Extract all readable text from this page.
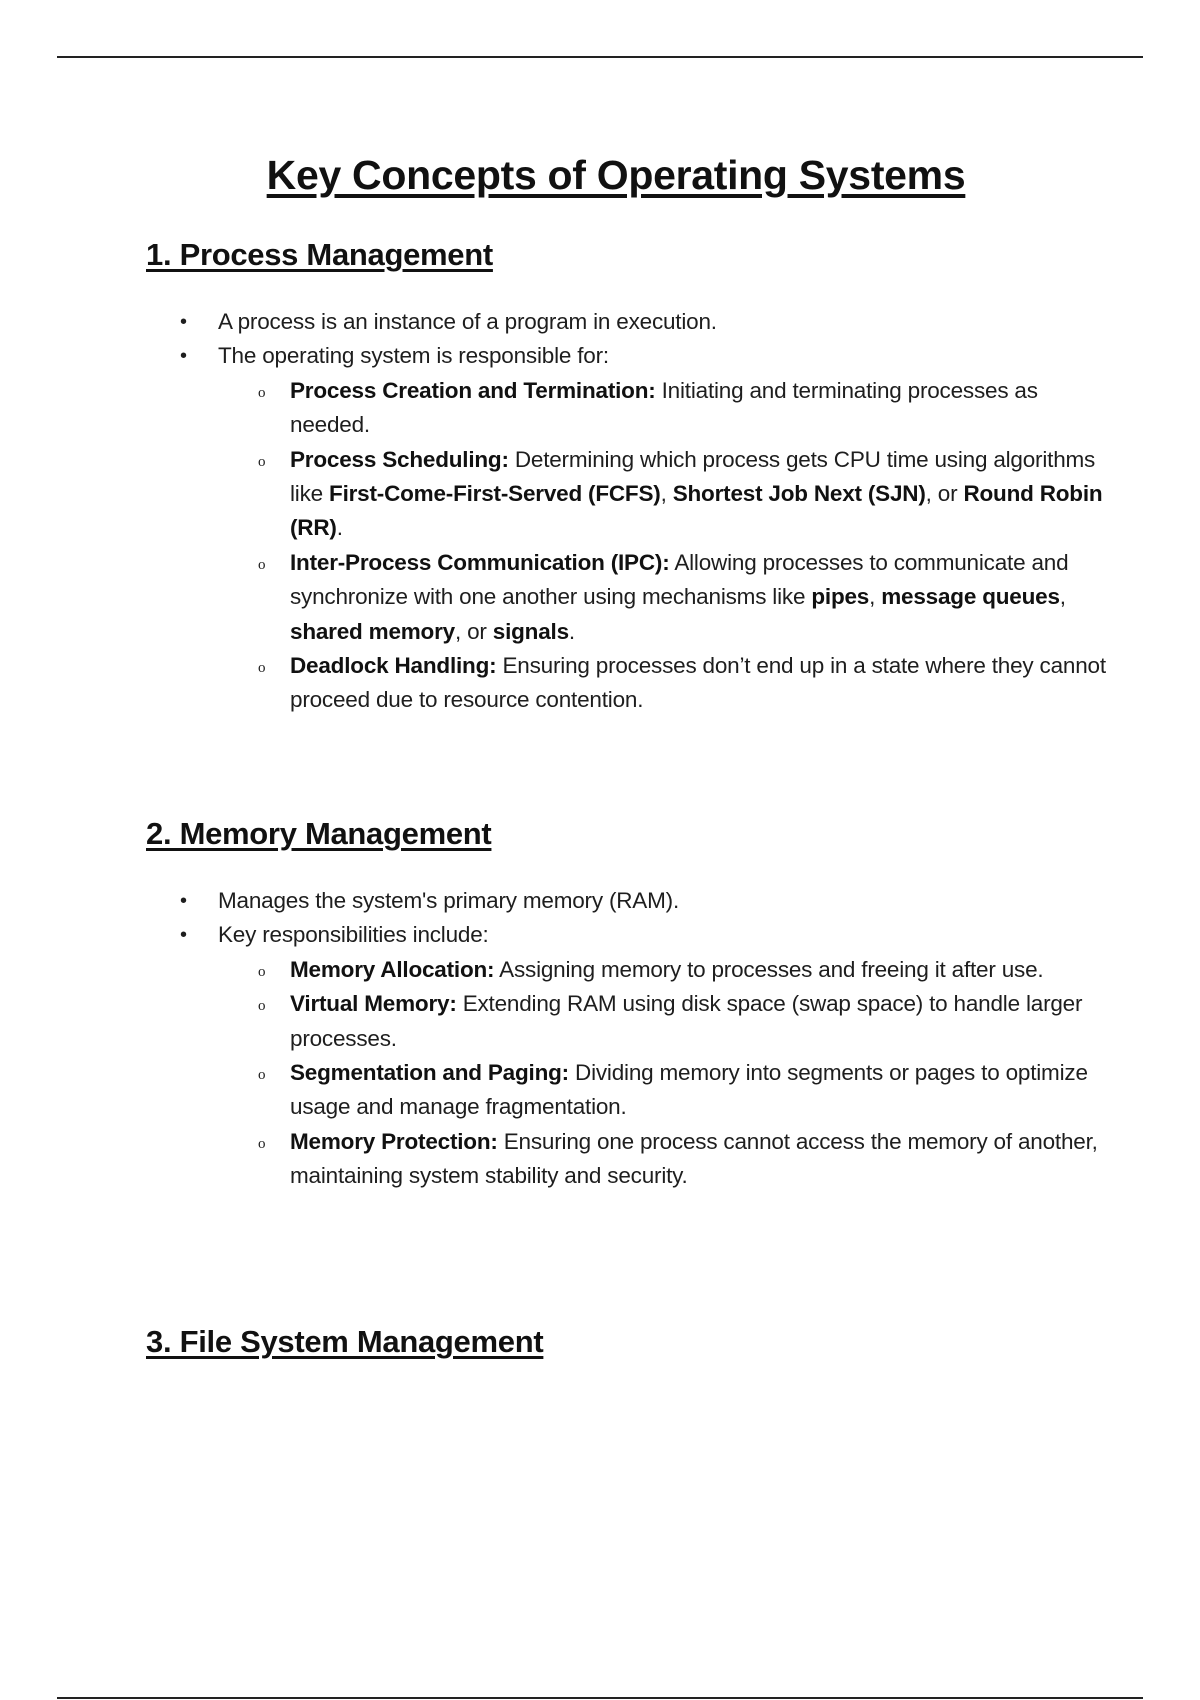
Key Concepts of Operating Systems
1. Process Management
• A process is an instance of a program in execution.
• The operating system is responsible for:
o Process Creation and Termination: Initiating and terminating processes as needed.
o Process Scheduling: Determining which process gets CPU time using algorithms like First-Come-First-Served (FCFS), Shortest Job Next (SJN), or Round Robin (RR).
o Inter-Process Communication (IPC): Allowing processes to communicate and synchronize with one another using mechanisms like pipes, message queues, shared memory, or signals.
o Deadlock Handling: Ensuring processes don’t end up in a state where they cannot proceed due to resource contention.
2. Memory Management
• Manages the system's primary memory (RAM).
• Key responsibilities include:
o Memory Allocation: Assigning memory to processes and freeing it after use.
o Virtual Memory: Extending RAM using disk space (swap space) to handle larger processes.
o Segmentation and Paging: Dividing memory into segments or pages to optimize usage and manage fragmentation.
o Memory Protection: Ensuring one process cannot access the memory of another, maintaining system stability and security.
3. File System Management
